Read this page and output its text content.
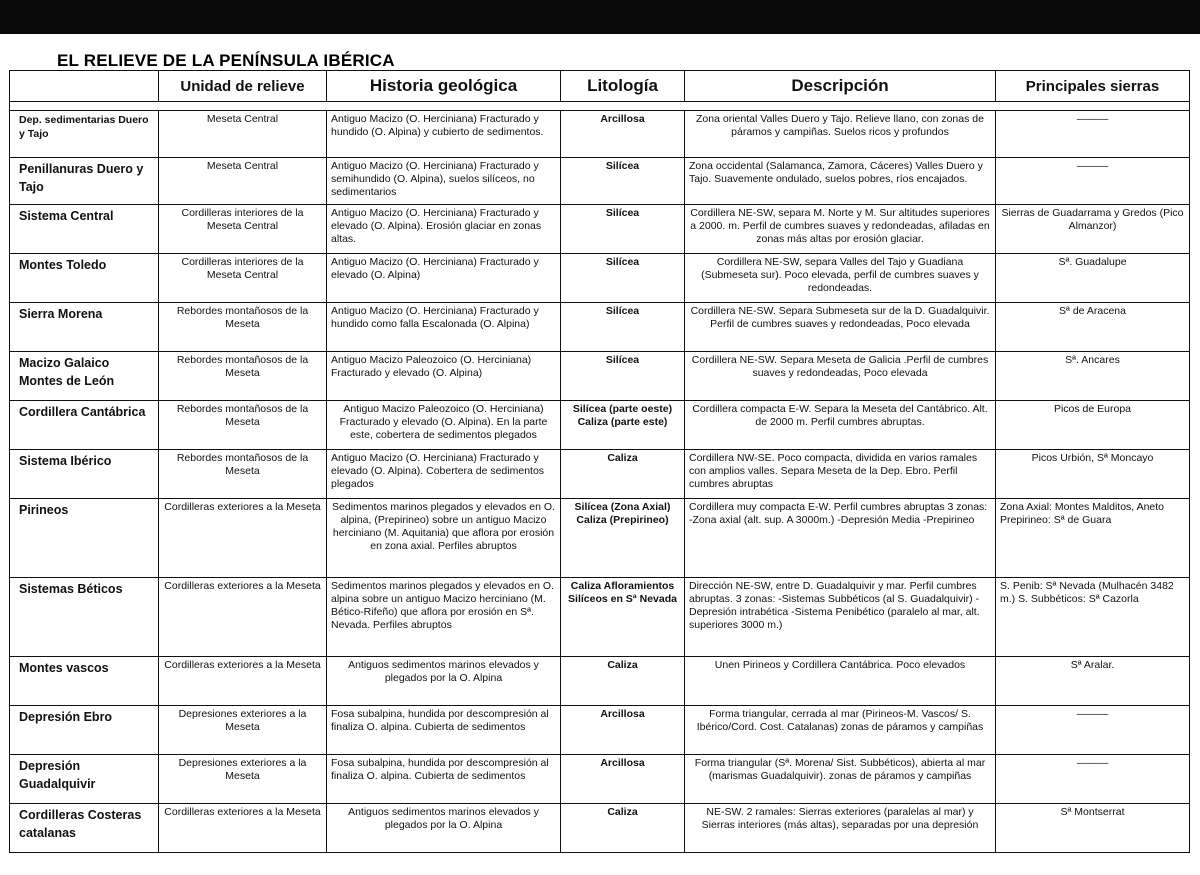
EL RELIEVE DE LA PENÍNSULA IBÉRICA
	Unidad de relieve	Historia geológica	Litología	Descripción	Principales sierras

Dep. sedimentarias Duero y Tajo	Meseta Central	Antiguo Macizo (O. Herciniana) Fracturado y hundido (O. Alpina) y cubierto de sedimentos.	Arcillosa	Zona oriental Valles Duero y Tajo. Relieve llano, con zonas de páramos y campiñas. Suelos ricos y profundos	———
Penillanuras Duero y Tajo	Meseta Central	Antiguo Macizo (O. Herciniana) Fracturado y semihundido (O. Alpina), suelos silíceos, no sedimentarios	Silícea	Zona occidental (Salamanca, Zamora, Cáceres) Valles Duero y Tajo. Suavemente ondulado, suelos pobres, ríos encajados.	———
Sistema Central	Cordilleras interiores de la Meseta Central	Antiguo Macizo (O. Herciniana) Fracturado y elevado (O. Alpina). Erosión glaciar en zonas altas.	Silícea	Cordillera NE-SW, separa M. Norte y M. Sur altitudes superiores a 2000. m. Perfil de cumbres suaves y redondeadas, afiladas en zonas más altas por erosión glaciar.	Sierras de Guadarrama y Gredos (Pico Almanzor)
Montes Toledo	Cordilleras interiores de la Meseta Central	Antiguo Macizo (O. Herciniana) Fracturado y elevado (O. Alpina)	Silícea	Cordillera NE-SW, separa Valles del Tajo y Guadiana (Submeseta sur). Poco elevada, perfil de cumbres suaves y redondeadas.	Sª. Guadalupe
Sierra Morena	Rebordes montañosos de la Meseta	Antiguo Macizo (O. Herciniana) Fracturado y hundido como falla Escalonada (O. Alpina)	Silícea	Cordillera NE-SW. Separa Submeseta sur de la D. Guadalquivir. Perfil de cumbres suaves y redondeadas, Poco elevada	Sª de Aracena
Macizo Galaico Montes de León	Rebordes montañosos de la Meseta	Antiguo Macizo Paleozoico (O. Herciniana) Fracturado y elevado (O. Alpina)	Silícea	Cordillera NE-SW. Separa Meseta de Galicia .Perfil de cumbres suaves y redondeadas, Poco elevada	Sª. Ancares
Cordillera Cantábrica	Rebordes montañosos de la Meseta	Antiguo Macizo Paleozoico (O. Herciniana) Fracturado y elevado (O. Alpina). En la parte este, cobertera de sedimentos plegados	Silícea (parte oeste) Caliza (parte este)	Cordillera compacta E-W. Separa la Meseta del Cantábrico. Alt. de 2000 m. Perfil cumbres abruptas.	Picos de Europa
Sistema Ibérico	Rebordes montañosos de la Meseta	Antiguo Macizo (O. Herciniana) Fracturado y elevado (O. Alpina). Cobertera de sedimentos plegados	Caliza	Cordillera NW-SE. Poco compacta, dividida en varios ramales con amplios valles. Separa Meseta de la Dep. Ebro. Perfil cumbres abruptas	Picos Urbión, Sª Moncayo
Pirineos	Cordilleras exteriores a la Meseta	Sedimentos marinos plegados y elevados en O. alpina, (Prepirineo) sobre un antiguo Macizo herciniano (M. Aquitania) que aflora por erosión en zona axial. Perfiles abruptos	Silícea (Zona Axial) Caliza (Prepirineo)	Cordillera muy compacta E-W. Perfil cumbres abruptas 3 zonas: -Zona axial (alt. sup. A 3000m.) -Depresión Media -Prepirineo	Zona Axial: Montes Malditos, Aneto Prepirineo: Sª de Guara
Sistemas Béticos	Cordilleras exteriores a la Meseta	Sedimentos marinos plegados y elevados en O. alpina sobre un antiguo Macizo herciniano (M. Bético-Rifeño) que aflora por erosión en Sª. Nevada. Perfiles abruptos	Caliza Afloramientos Silíceos en Sª Nevada	Dirección NE-SW, entre D. Guadalquivir y mar. Perfil cumbres abruptas. 3 zonas: -Sistemas Subbéticos (al S. Guadalquivir) -Depresión intrabética -Sistema Penibético (paralelo al mar, alt. superiores 3000 m.)	S. Penib: Sª Nevada (Mulhacén 3482 m.) S. Subbéticos: Sª Cazorla
Montes vascos	Cordilleras exteriores a la Meseta	Antiguos sedimentos marinos elevados y plegados por la O. Alpina	Caliza	Unen Pirineos y Cordillera Cantábrica. Poco elevados	Sª Aralar.
Depresión Ebro	Depresiones exteriores a la Meseta	Fosa subalpina, hundida por descompresión al finaliza O. alpina. Cubierta de sedimentos	Arcillosa	Forma triangular, cerrada al mar (Pirineos-M. Vascos/ S. Ibérico/Cord. Cost. Catalanas) zonas de páramos y campiñas	———
Depresión Guadalquivir	Depresiones exteriores a la Meseta	Fosa subalpina, hundida por descompresión al finaliza O. alpina. Cubierta de sedimentos	Arcillosa	Forma triangular (Sª. Morena/ Sist. Subbéticos), abierta al mar (marismas Guadalquivir). zonas de páramos y campiñas	———
Cordilleras Costeras catalanas	Cordilleras exteriores a la Meseta	Antiguos sedimentos marinos elevados y plegados por la O. Alpina	Caliza	NE-SW. 2 ramales: Sierras exteriores (paralelas al mar) y Sierras interiores (más altas), separadas por una depresión	Sª Montserrat
